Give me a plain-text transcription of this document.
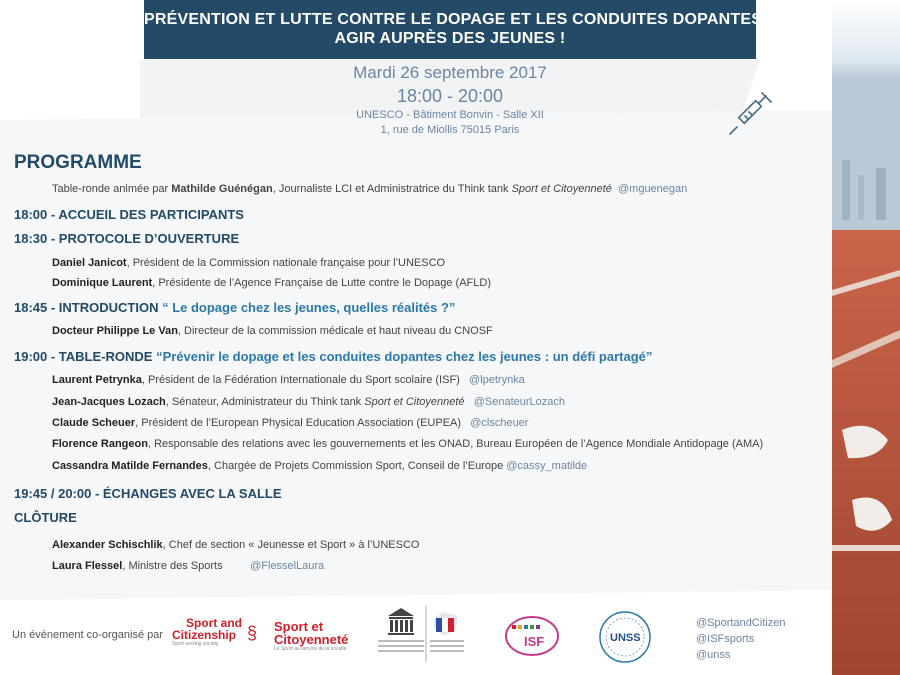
PRÉVENTION ET LUTTE CONTRE LE DOPAGE ET LES CONDUITES DOPANTES :
AGIR AUPRÈS DES JEUNES !
Mardi 26 septembre 2017
18:00 - 20:00
UNESCO - Bâtiment Bonvin - Salle XII
1, rue de Miollis 75015 Paris
PROGRAMME
Table-ronde animée par Mathilde Guénégan, Journaliste LCI et Administratrice du Think tank Sport et Citoyenneté @mguenegan
18:00 - ACCUEIL DES PARTICIPANTS
18:30 - PROTOCOLE D’OUVERTURE
Daniel Janicot, Président de la Commission nationale française pour l’UNESCO
Dominique Laurent, Présidente de l’Agence Française de Lutte contre le Dopage (AFLD)
18:45 - INTRODUCTION “ Le dopage chez les jeunes, quelles réalités ?”
Docteur Philippe Le Van, Directeur de la commission médicale et haut niveau du CNOSF
19:00 - TABLE-RONDE “Prévenir le dopage et les conduites dopantes chez les jeunes : un défi partagé”
Laurent Petrynka, Président de la Fédération Internationale du Sport scolaire (ISF) @lpetrynka
Jean-Jacques Lozach, Sénateur, Administrateur du Think tank Sport et Citoyenneté @SenateurLozach
Claude Scheuer, Président de l’European Physical Education Association (EUPEA) @clscheuer
Florence Rangeon, Responsable des relations avec les gouvernements et les ONAD, Bureau Européen de l’Agence Mondiale Antidopage (AMA)
Cassandra Matilde Fernandes, Chargée de Projets Commission Sport, Conseil de l’Europe @cassy_matilde
19:45 / 20:00 - ÉCHANGES AVEC LA SALLE
CLÔTURE
Alexander Schischlik, Chef de section « Jeunesse et Sport » à l’UNESCO
Laura Flessel, Ministre des Sports	@FlesselLaura
Un événement co-organisé par
Sport and
Citizenship
Sport serving society
§	Sport et
Citoyenneté
Le Sport au service de la société	ISF	UNSS
@SportandCitizen
@ISFsports
@unss
